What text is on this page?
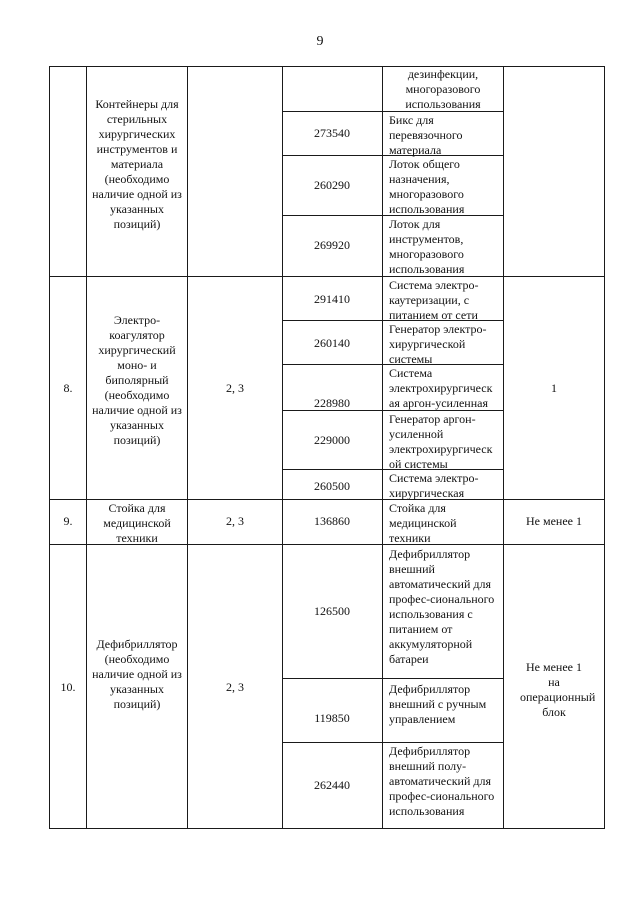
9
Контейнеры для стерильных хирургических инструментов и материала (необходимо наличие одной из указанных позиций)
дезинфекции, многоразового использования
273540
Бикс для перевязочного материала
260290
Лоток общего назначения, многоразового использования
269920
Лоток для инструментов, многоразового использования
8.
Электро-коагулятор хирургический моно- и биполярный (необходимо наличие одной из указанных позиций)
2, 3	1
291410
Система электро-каутеризации, с питанием от сети
260140
Генератор электро-хирургической системы
228980
Система электрохирургическ ая аргон-усиленная
229000
Генератор аргон-усиленной электрохирургическ ой системы
260500
Система электро-хирургическая
9.
Стойка для медицинской техники
2, 3	136860
Стойка для медицинской техники
Не менее 1
10.
Дефибриллятор (необходимо наличие одной из указанных позиций)
2, 3
Не менее 1 на операционный блок
126500
Дефибриллятор внешний автоматический для профес-сионального использования с питанием от аккумуляторной батареи
119850
Дефибриллятор внешний с ручным управлением
262440
Дефибриллятор внешний полу-автоматический для профес-сионального использования
